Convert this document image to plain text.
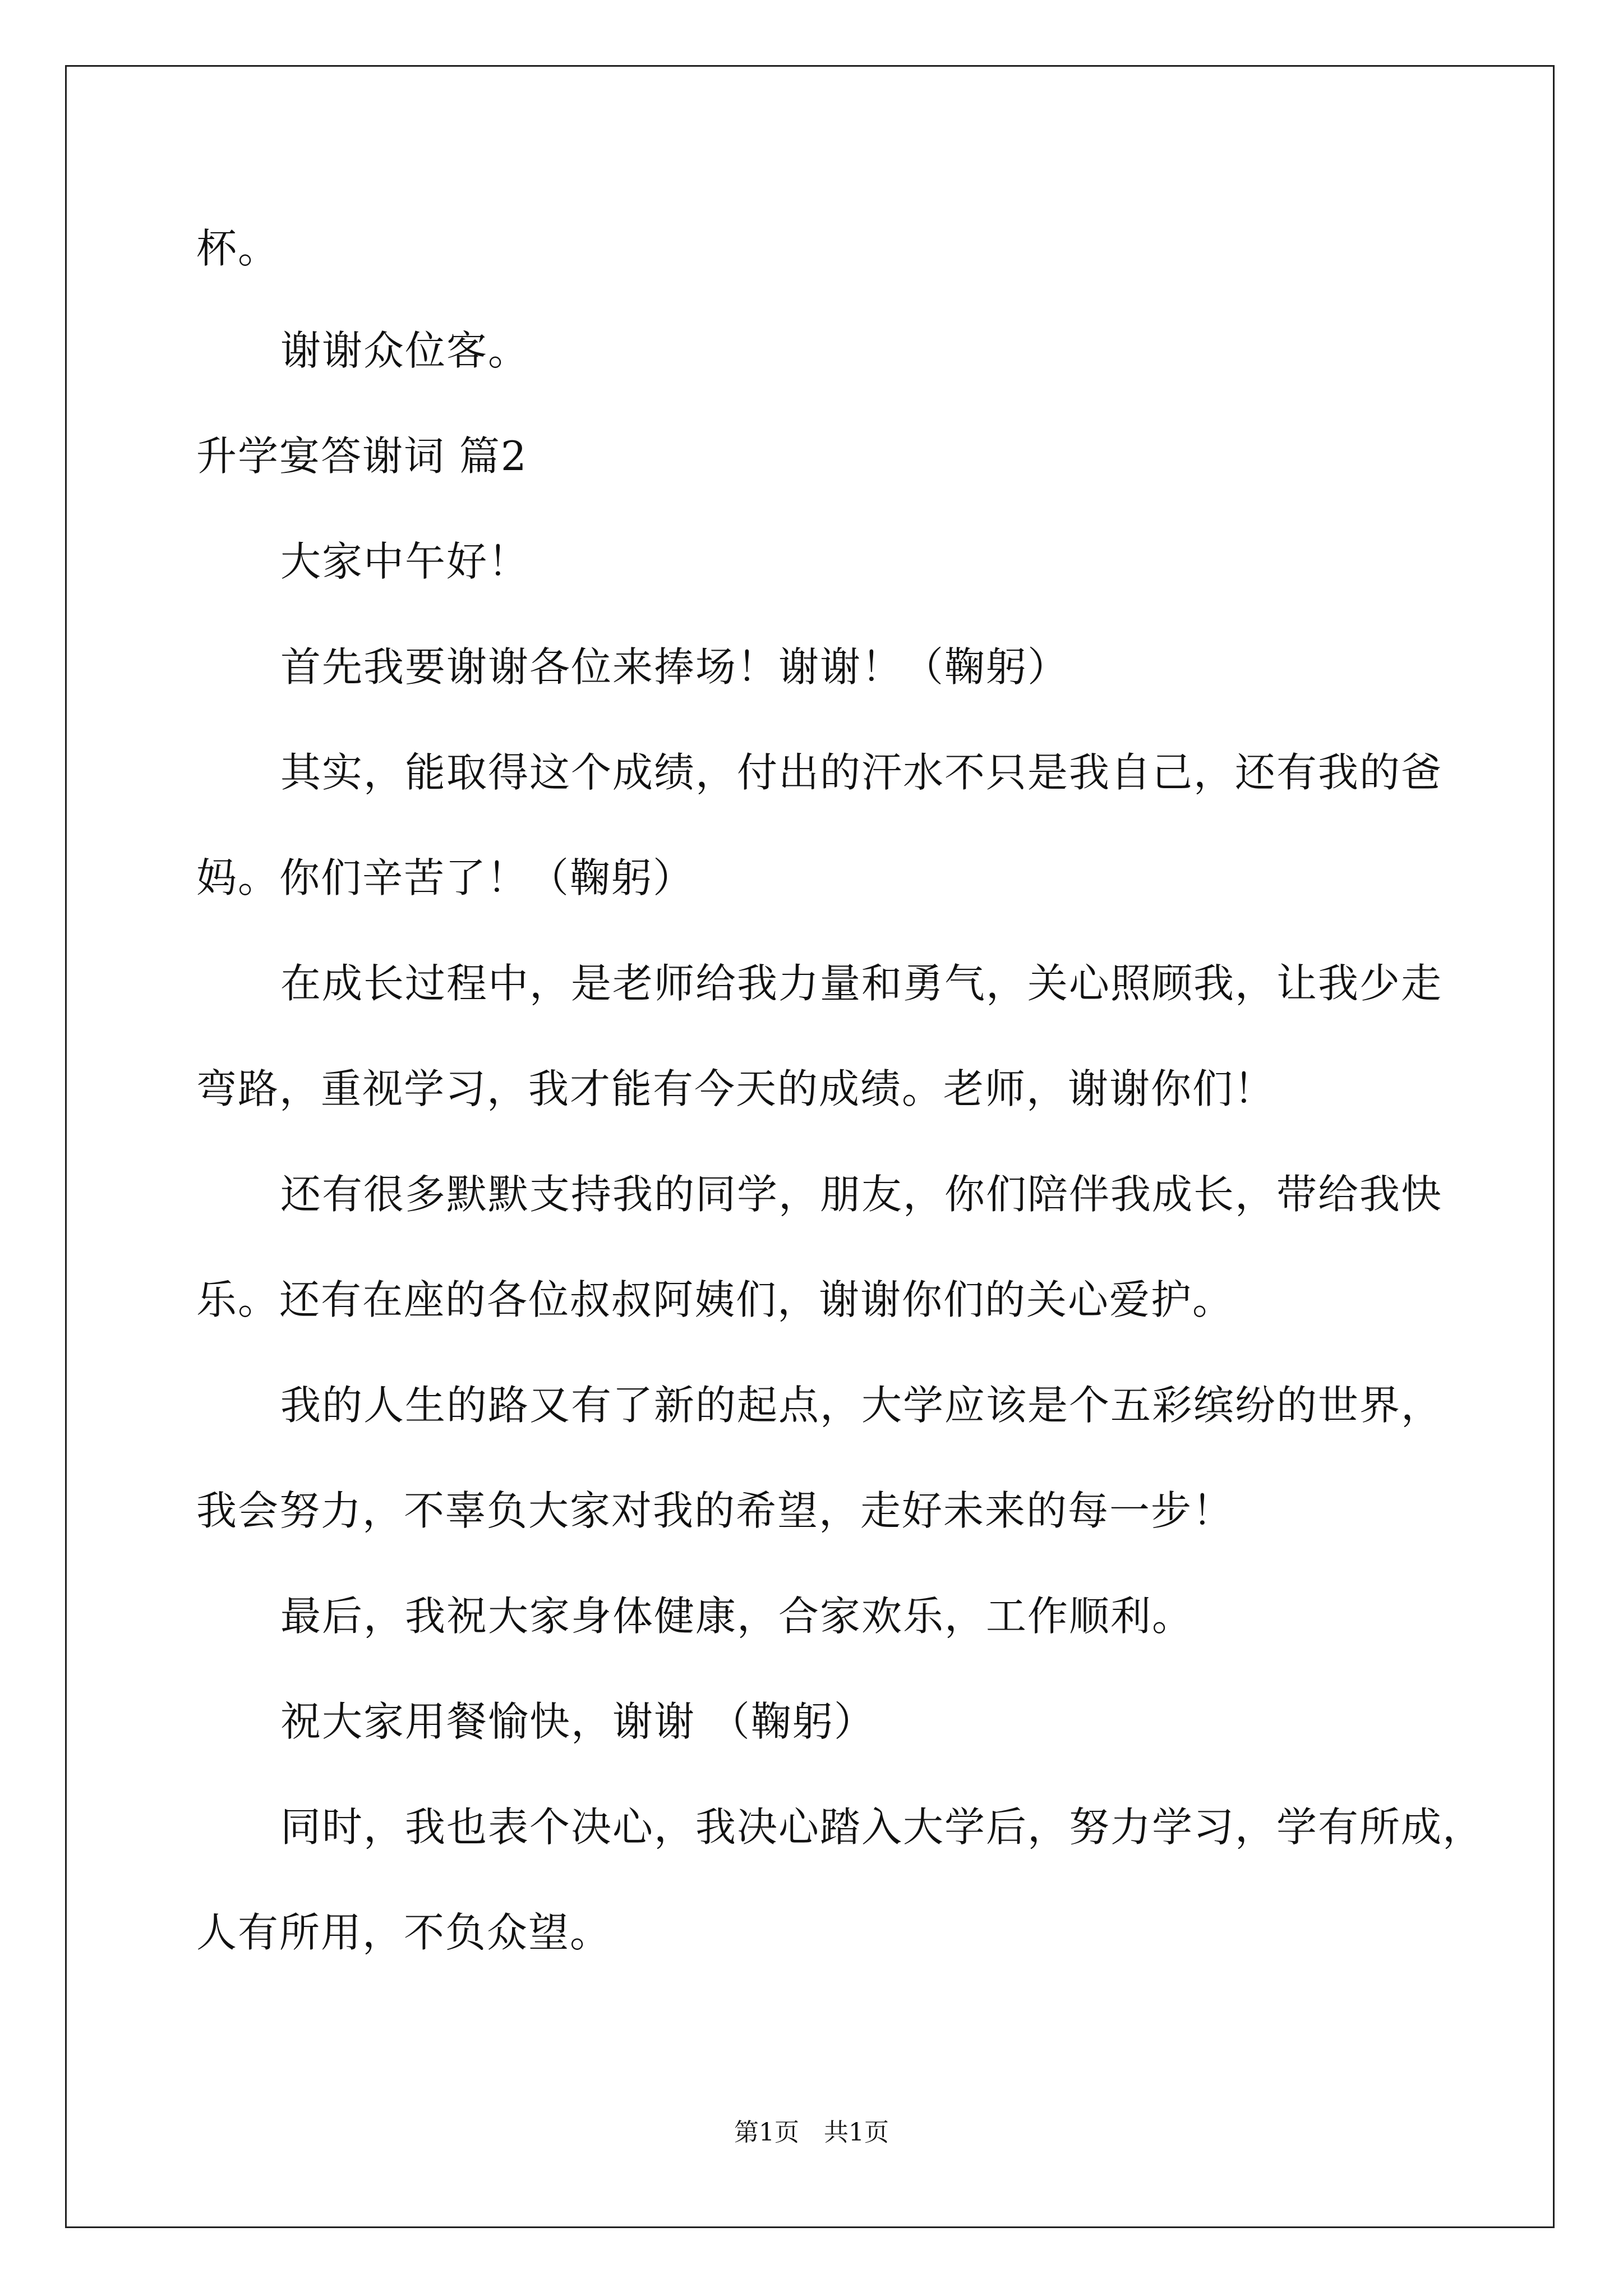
杯。
谢谢众位客。
升学宴答谢词 篇2
大家中午好！
首先我要谢谢各位来捧场！谢谢！（鞠躬）
其实，能取得这个成绩，付出的汗水不只是我自己，还有我的爸
妈。你们辛苦了！（鞠躬）
在成长过程中，是老师给我力量和勇气，关心照顾我，让我少走
弯路，重视学习，我才能有今天的成绩。老师，谢谢你们！
还有很多默默支持我的同学，朋友，你们陪伴我成长，带给我快
乐。还有在座的各位叔叔阿姨们，谢谢你们的关心爱护。
我的人生的路又有了新的起点，大学应该是个五彩缤纷的世界，
我会努力，不辜负大家对我的希望，走好未来的每一步！
最后，我祝大家身体健康，合家欢乐，工作顺利。
祝大家用餐愉快，谢谢 （鞠躬）
同时，我也表个决心，我决心踏入大学后，努力学习，学有所成，
人有所用，不负众望。
第1页　共1页
